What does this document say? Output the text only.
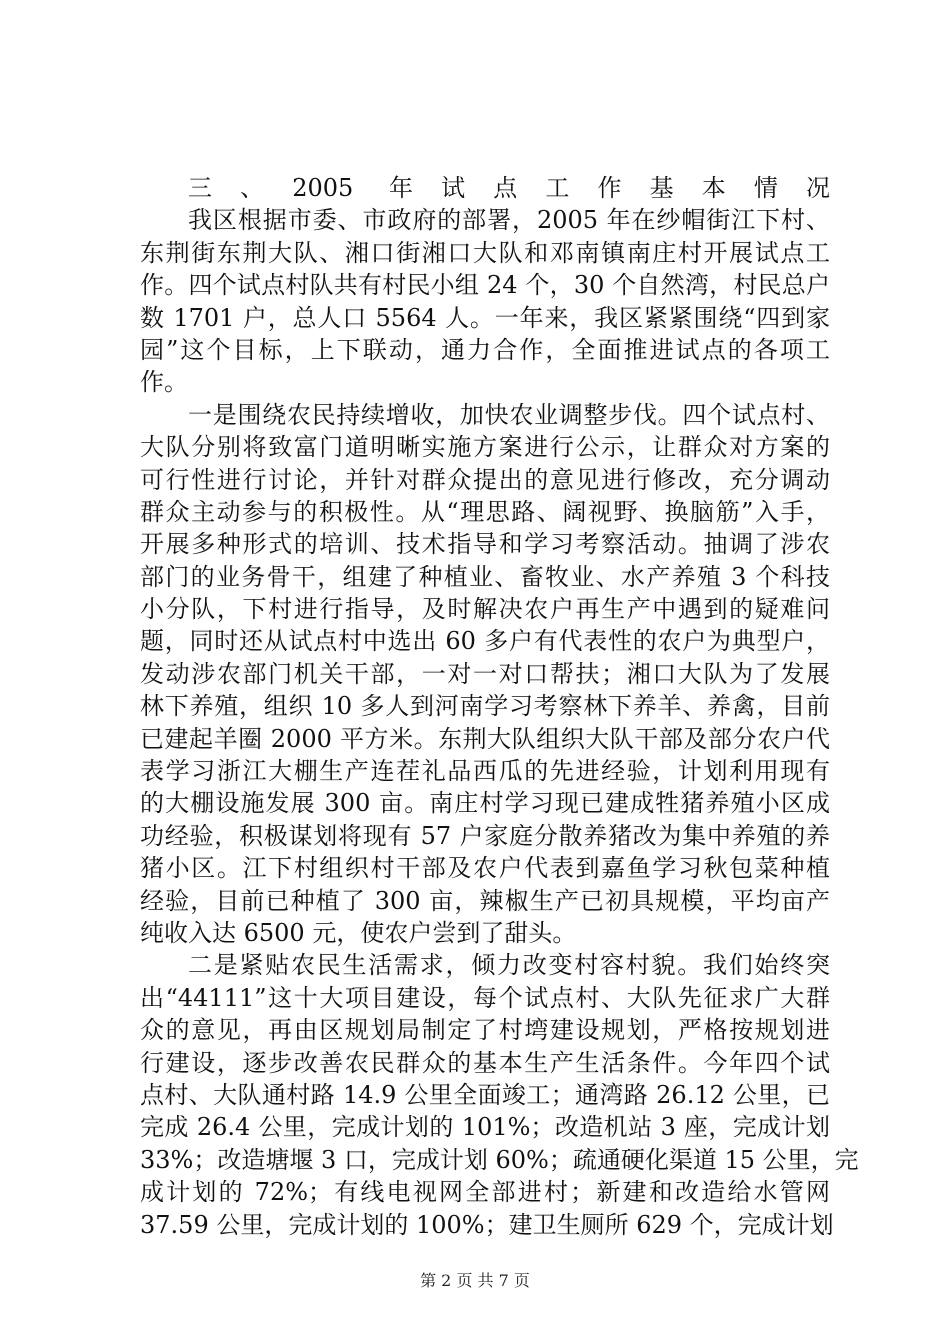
三、2005 年试点工作基本情况
我区根据市委、市政府的部署，2005 年在纱帽街江下村、
东荆街东荆大队、湘口街湘口大队和邓南镇南庄村开展试点工
作。四个试点村队共有村民小组 24 个，30 个自然湾，村民总户
数 1701 户，总人口 5564 人。一年来，我区紧紧围绕“四到家
园”这个目标，上下联动，通力合作，全面推进试点的各项工
作。
一是围绕农民持续增收，加快农业调整步伐。四个试点村、
大队分别将致富门道明晰实施方案进行公示，让群众对方案的
可行性进行讨论，并针对群众提出的意见进行修改，充分调动
群众主动参与的积极性。从“理思路、阔视野、换脑筋”入手，
开展多种形式的培训、技术指导和学习考察活动。抽调了涉农
部门的业务骨干，组建了种植业、畜牧业、水产养殖 3 个科技
小分队，下村进行指导，及时解决农户再生产中遇到的疑难问
题，同时还从试点村中选出 60 多户有代表性的农户为典型户，
发动涉农部门机关干部，一对一对口帮扶；湘口大队为了发展
林下养殖，组织 10 多人到河南学习考察林下养羊、养禽，目前
已建起羊圈 2000 平方米。东荆大队组织大队干部及部分农户代
表学习浙江大棚生产连茬礼品西瓜的先进经验，计划利用现有
的大棚设施发展 300 亩。南庄村学习现已建成牲猪养殖小区成
功经验，积极谋划将现有 57 户家庭分散养猪改为集中养殖的养
猪小区。江下村组织村干部及农户代表到嘉鱼学习秋包菜种植
经验，目前已种植了 300 亩，辣椒生产已初具规模，平均亩产
纯收入达 6500 元，使农户尝到了甜头。
二是紧贴农民生活需求，倾力改变村容村貌。我们始终突
出“44111”这十大项目建设，每个试点村、大队先征求广大群
众的意见，再由区规划局制定了村塆建设规划，严格按规划进
行建设，逐步改善农民群众的基本生产生活条件。今年四个试
点村、大队通村路 14.9 公里全面竣工；通湾路 26.12 公里，已
完成 26.4 公里，完成计划的 101%；改造机站 3 座，完成计划
33%；改造塘堰 3 口，完成计划 60%；疏通硬化渠道 15 公里，完
成计划的 72%；有线电视网全部进村；新建和改造给水管网
37.59 公里，完成计划的 100%；建卫生厕所 629 个，完成计划
第 2 页 共 7 页
